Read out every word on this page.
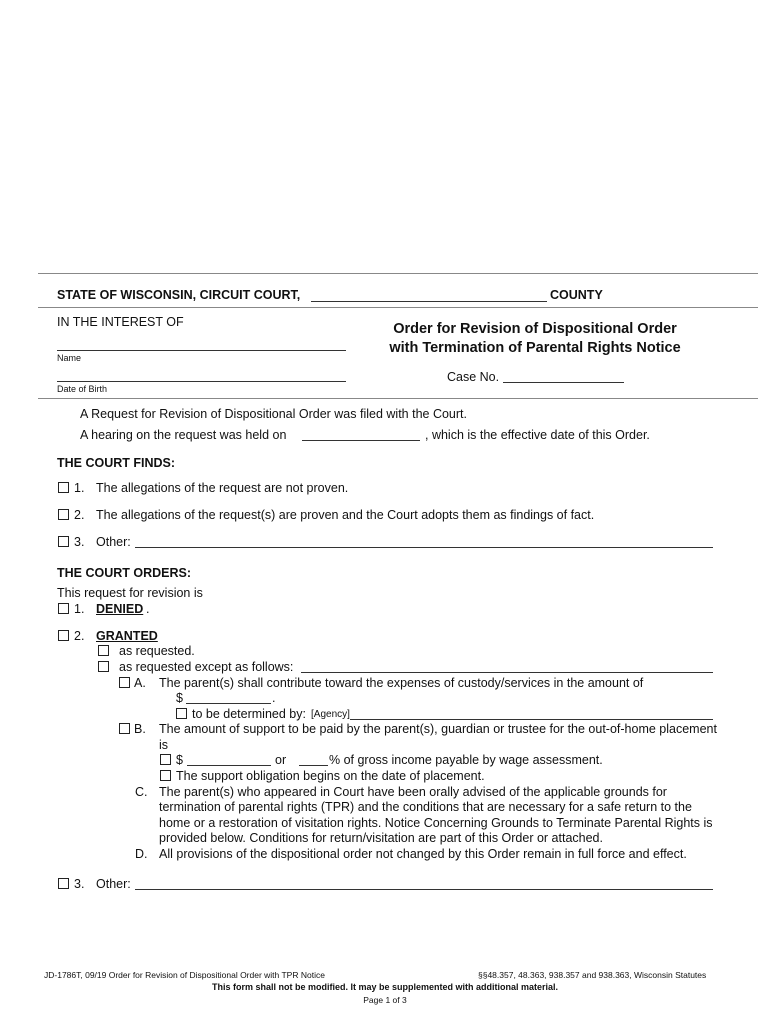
STATE OF WISCONSIN, CIRCUIT COURT,	COUNTY
IN THE INTEREST OF
Name
Date of Birth
Order for Revision of Dispositional Order
with Termination of Parental Rights Notice
Case No.
A Request for Revision of Dispositional Order was filed with the Court.
A hearing on the request was held on	, which is the effective date of this Order.
THE COURT FINDS:
1. The allegations of the request are not proven.
2. The allegations of the request(s) are proven and the Court adopts them as findings of fact.
3. Other:
THE COURT ORDERS:
This request for revision is
1. DENIED .
2. GRANTED
as requested.
as requested except as follows:
A. The parent(s) shall contribute toward the expenses of custody/services in the amount of
$	.
to be determined by: [Agency]
B. The amount of support to be paid by the parent(s), guardian or trustee for the out-of-home placement
is
$	or	% of gross income payable by wage assessment.
The support obligation begins on the date of placement.
C. The parent(s) who appeared in Court have been orally advised of the applicable grounds for
termination of parental rights (TPR) and the conditions that are necessary for a safe return to the
home or a restoration of visitation rights. Notice Concerning Grounds to Terminate Parental Rights is
provided below. Conditions for return/visitation are part of this Order or attached.
D. All provisions of the dispositional order not changed by this Order remain in full force and effect.
3. Other:
JD-1786T, 09/19 Order for Revision of Dispositional Order with TPR Notice	§§48.357, 48.363, 938.357 and 938.363, Wisconsin Statutes
This form shall not be modified. It may be supplemented with additional material.
Page 1 of 3
